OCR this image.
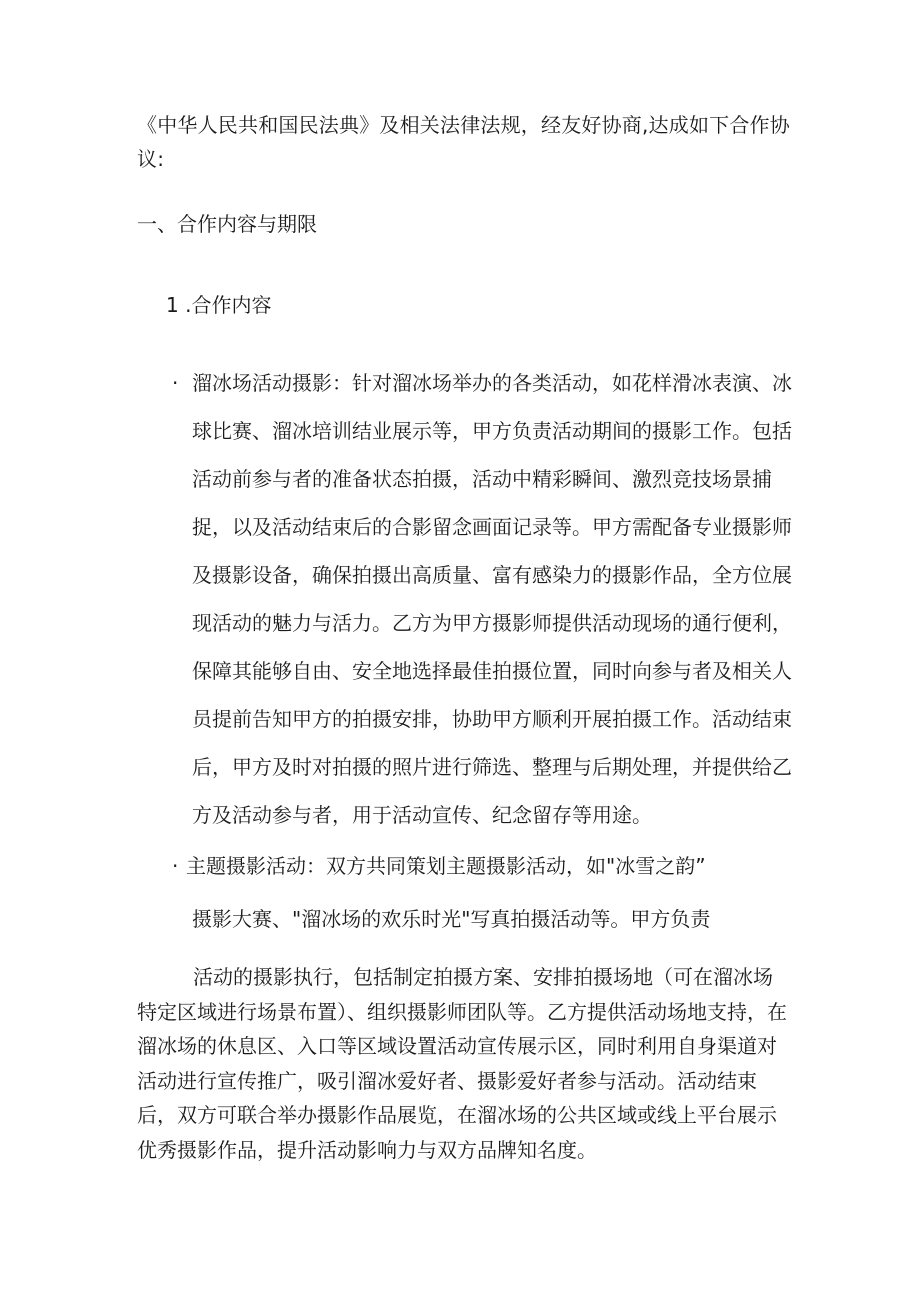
《中华人民共和国民法典》及相关法律法规，经友好协商,达成如下合作协议:

一、合作内容与期限
1 .合作内容
· 溜冰场活动摄影：针对溜冰场举办的各类活动，如花样滑冰表演、冰球比赛、溜冰培训结业展示等，甲方负责活动期间的摄影工作。包括活动前参与者的准备状态拍摄，活动中精彩瞬间、激烈竞技场景捕捉，以及活动结束后的合影留念画面记录等。甲方需配备专业摄影师及摄影设备，确保拍摄出高质量、富有感染力的摄影作品，全方位展现活动的魅力与活力。乙方为甲方摄影师提供活动现场的通行便利，保障其能够自由、安全地选择最佳拍摄位置，同时向参与者及相关人员提前告知甲方的拍摄安排，协助甲方顺利开展拍摄工作。活动结束后，甲方及时对拍摄的照片进行筛选、整理与后期处理，并提供给乙方及活动参与者，用于活动宣传、纪念留存等用途。

· 主题摄影活动：双方共同策划主题摄影活动，如"冰雪之韵”

摄影大赛、"溜冰场的欢乐时光"写真拍摄活动等。甲方负责

活动的摄影执行，包括制定拍摄方案、安排拍摄场地（可在溜冰场特定区域进行场景布置）、组织摄影师团队等。乙方提供活动场地支持，在溜冰场的休息区、入口等区域设置活动宣传展示区，同时利用自身渠道对活动进行宣传推广，吸引溜冰爱好者、摄影爱好者参与活动。活动结束后，双方可联合举办摄影作品展览，在溜冰场的公共区域或线上平台展示优秀摄影作品，提升活动影响力与双方品牌知名度。
